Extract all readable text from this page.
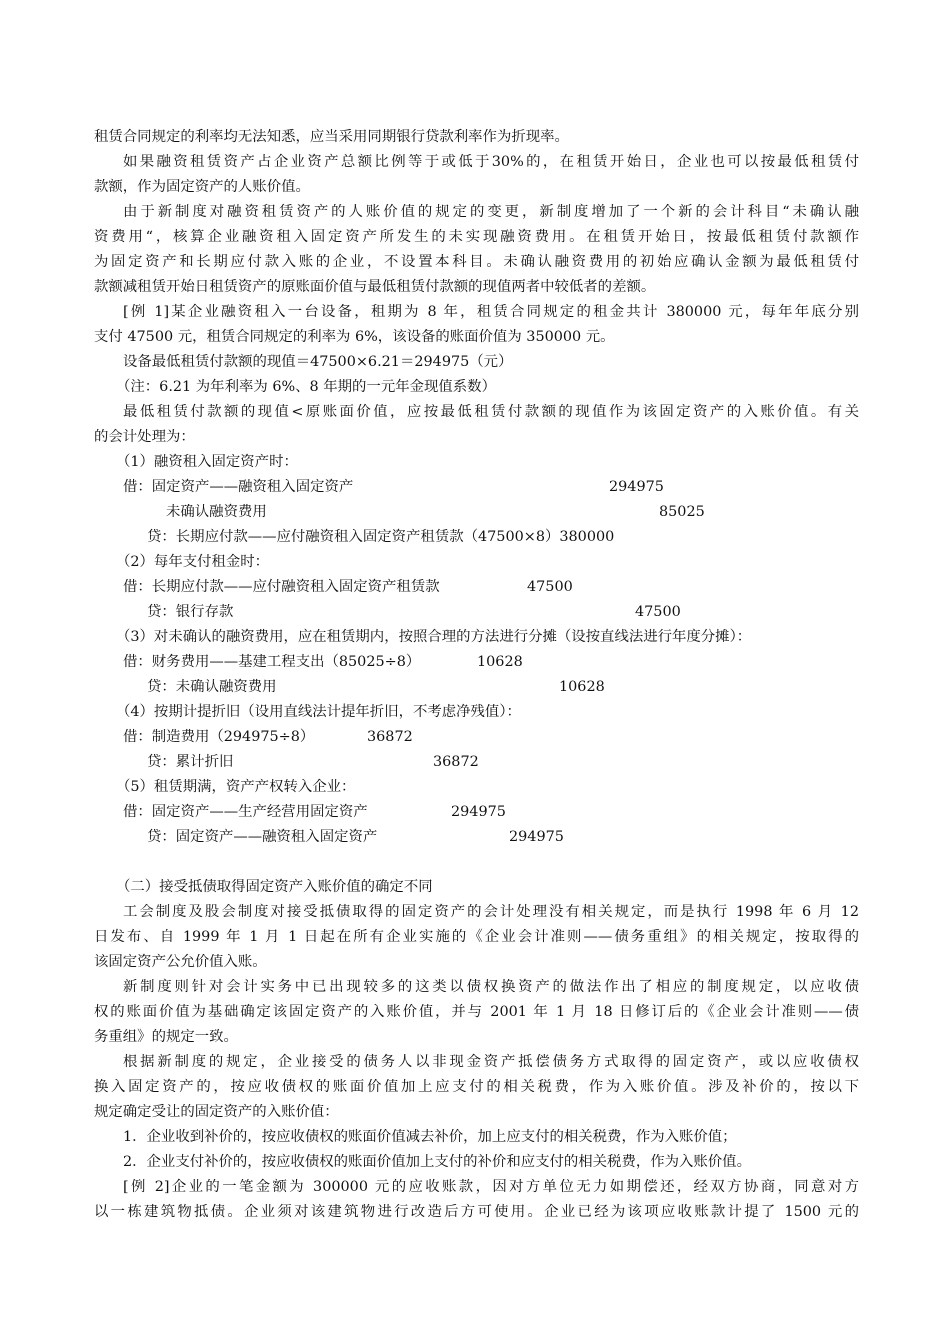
租赁合同规定的利率均无法知悉，应当采用同期银行贷款利率作为折现率。
如果融资租赁资产占企业资产总额比例等于或低于30%的，在租赁开始日，企业也可以按最低租赁付
款额，作为固定资产的人账价值。
由于新制度对融资租赁资产的人账价值的规定的变更，新制度增加了一个新的会计科目“未确认融
资费用“，核算企业融资租入固定资产所发生的未实现融资费用。在租赁开始日，按最低租赁付款额作
为固定资产和长期应付款入账的企业，不设置本科目。未确认融资费用的初始应确认金额为最低租赁付
款额减租赁开始日租赁资产的原账面价值与最低租赁付款额的现值两者中较低者的差额。
[例 1]某企业融资租入一台设备，租期为 8 年，租赁合同规定的租金共计 380000 元，每年年底分别
支付 47500 元，租赁合同规定的利率为 6%，该设备的账面价值为 350000 元。
设备最低租赁付款额的现值＝47500×6.21＝294975（元）
（注：6.21 为年利率为 6%、8 年期的一元年金现值系数）
最低租赁付款额的现值<原账面价值，应按最低租赁付款额的现值作为该固定资产的入账价值。有关
的会计处理为：
（1）融资租入固定资产时：
借：固定资产——融资租入固定资产	294975
未确认融资费用	85025
贷：长期应付款——应付融资租入固定资产租赁款（47500×8）380000
（2）每年支付租金时：
借：长期应付款——应付融资租入固定资产租赁款	47500
贷：银行存款	47500
（3）对未确认的融资费用，应在租赁期内，按照合理的方法进行分摊（设按直线法进行年度分摊）：
借：财务费用——基建工程支出（85025÷8）	10628
贷：未确认融资费用	10628
（4）按期计提折旧（设用直线法计提年折旧，不考虑净残值）：
借：制造费用（294975÷8）	36872
贷：累计折旧	36872
（5）租赁期满，资产产权转入企业：
借：固定资产——生产经营用固定资产	294975
贷：固定资产——融资租入固定资产	294975
（二）接受抵债取得固定资产入账价值的确定不同
工会制度及股会制度对接受抵债取得的固定资产的会计处理没有相关规定，而是执行 1998 年 6 月 12
日发布、自 1999 年 1 月 1 日起在所有企业实施的《企业会计准则——债务重组》的相关规定，按取得的
该固定资产公允价值入账。
新制度则针对会计实务中已出现较多的这类以债权换资产的做法作出了相应的制度规定，以应收债
权的账面价值为基础确定该固定资产的入账价值，并与 2001 年 1 月 18 日修订后的《企业会计准则——债
务重组》的规定一致。
根据新制度的规定，企业接受的债务人以非现金资产抵偿债务方式取得的固定资产，或以应收债权
换入固定资产的，按应收债权的账面价值加上应支付的相关税费，作为入账价值。涉及补价的，按以下
规定确定受让的固定资产的入账价值：
1．企业收到补价的，按应收债权的账面价值减去补价，加上应支付的相关税费，作为入账价值；
2．企业支付补价的，按应收债权的账面价值加上支付的补价和应支付的相关税费，作为入账价值。
[例 2]企业的一笔金额为 300000 元的应收账款，因对方单位无力如期偿还，经双方协商，同意对方
以一栋建筑物抵债。企业须对该建筑物进行改造后方可使用。企业已经为该项应收账款计提了 1500 元的
